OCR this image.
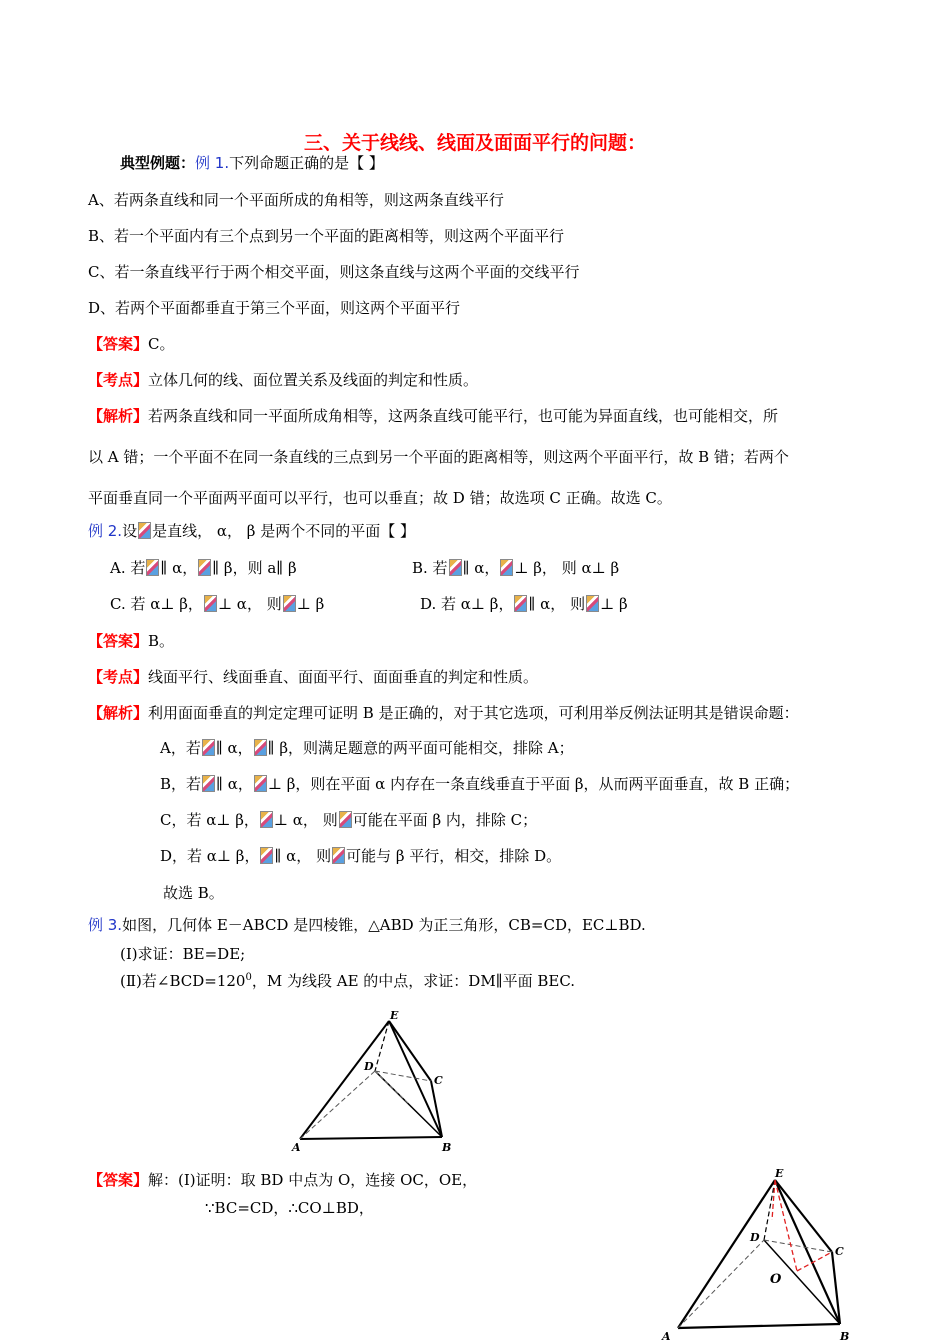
三、关于线线、线面及面面平行的问题：
典型例题：例 1.下列命题正确的是【 】
A、若两条直线和同一个平面所成的角相等，则这两条直线平行
B、若一个平面内有三个点到另一个平面的距离相等，则这两个平面平行
C、若一条直线平行于两个相交平面，则这条直线与这两个平面的交线平行
D、若两个平面都垂直于第三个平面，则这两个平面平行
【答案】C。
【考点】立体几何的线、面位置关系及线面的判定和性质。
【解析】若两条直线和同一平面所成角相等，这两条直线可能平行，也可能为异面直线，也可能相交，所
以 A 错；一个平面不在同一条直线的三点到另一个平面的距离相等，则这两个平面平行，故 B 错；若两个
平面垂直同一个平面两平面可以平行，也可以垂直；故 D 错；故选项 C 正确。故选 C。
例 2.设 是直线， α， β 是两个不同的平面【 】
A. 若 ∥ α， ∥ β，则 a∥ β	B. 若 ∥ α， ⊥ β， 则 α⊥ β
C. 若 α⊥ β， ⊥ α， 则 ⊥ β	D. 若 α⊥ β， ∥ α， 则 ⊥ β
【答案】B。
【考点】线面平行、线面垂直、面面平行、面面垂直的判定和性质。
【解析】利用面面垂直的判定定理可证明 B 是正确的，对于其它选项，可利用举反例法证明其是错误命题：
A，若 ∥ α， ∥ β，则满足题意的两平面可能相交，排除 A；
B，若 ∥ α， ⊥ β，则在平面 α 内存在一条直线垂直于平面 β，从而两平面垂直，故 B 正确；
C，若 α⊥ β， ⊥ α， 则 可能在平面 β 内，排除 C；
D，若 α⊥ β， ∥ α， 则 可能与 β 平行，相交，排除 D。
故选 B。
例 3.如图，几何体 E－ABCD 是四棱锥，△ABD 为正三角形，CB=CD，EC⊥BD.
(Ⅰ)求证：BE=DE;
(Ⅱ)若$\angle BCD=120^0$，M 为线段 AE 的中点，求证：DM∥平面 BEC.
E
D
C
A	B
【答案】解：(Ⅰ)证明：取 BD 中点为 O，连接 OC，OE，
∵BC=CD，∴CO⊥BD，
E
D
C
O
A	B
